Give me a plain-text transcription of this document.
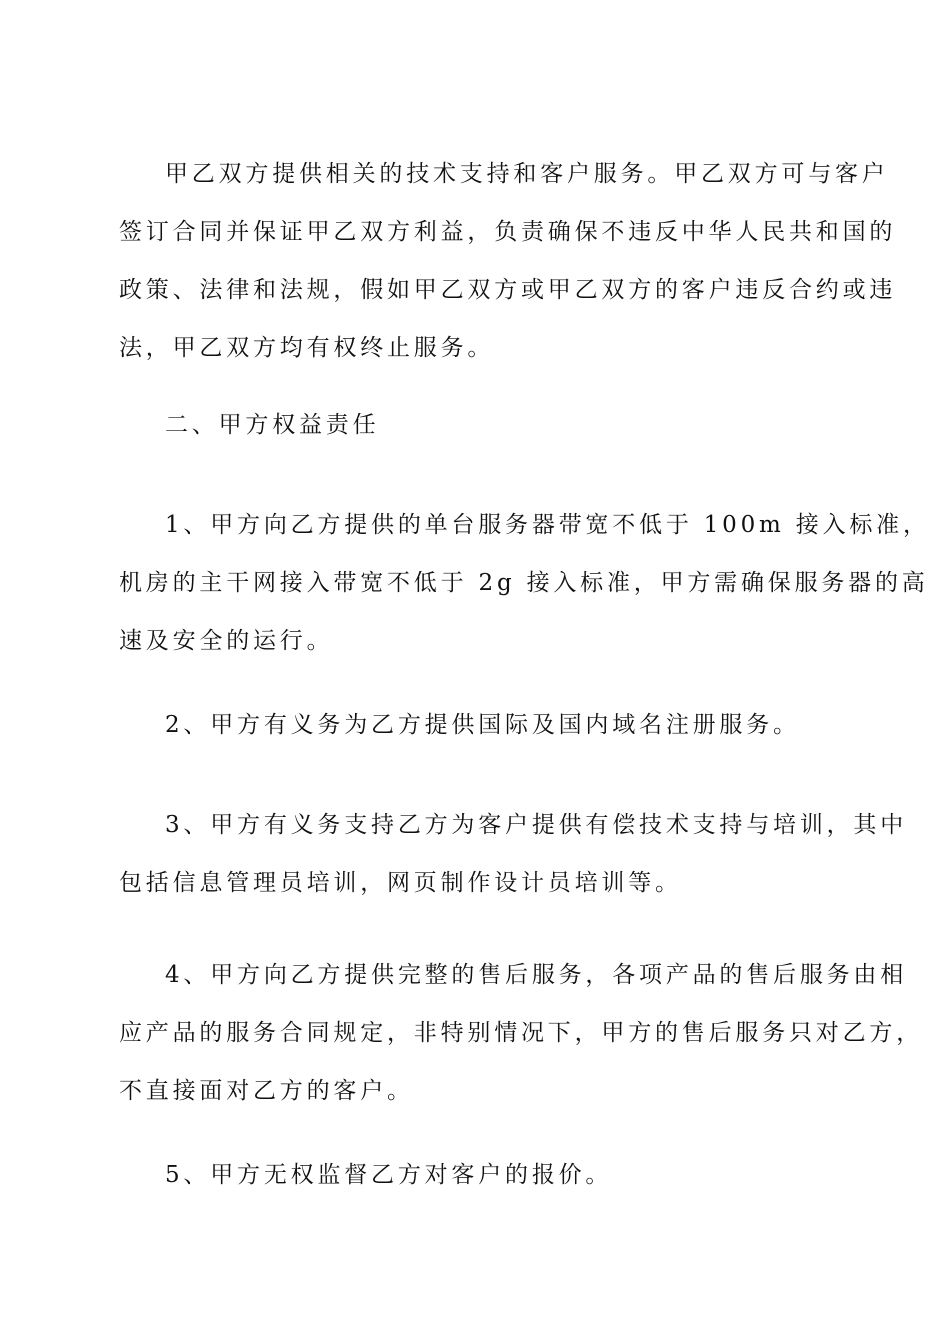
甲乙双方提供相关的技术支持和客户服务。甲乙双方可与客户
签订合同并保证甲乙双方利益，负责确保不违反中华人民共和国的
政策、法律和法规，假如甲乙双方或甲乙双方的客户违反合约或违
法，甲乙双方均有权终止服务。
二、甲方权益责任
1、甲方向乙方提供的单台服务器带宽不低于 100m 接入标准，
机房的主干网接入带宽不低于 2g 接入标准，甲方需确保服务器的高
速及安全的运行。
2、甲方有义务为乙方提供国际及国内域名注册服务。
3、甲方有义务支持乙方为客户提供有偿技术支持与培训，其中
包括信息管理员培训，网页制作设计员培训等。
4、甲方向乙方提供完整的售后服务，各项产品的售后服务由相
应产品的服务合同规定，非特别情况下，甲方的售后服务只对乙方，
不直接面对乙方的客户。
5、甲方无权监督乙方对客户的报价。
